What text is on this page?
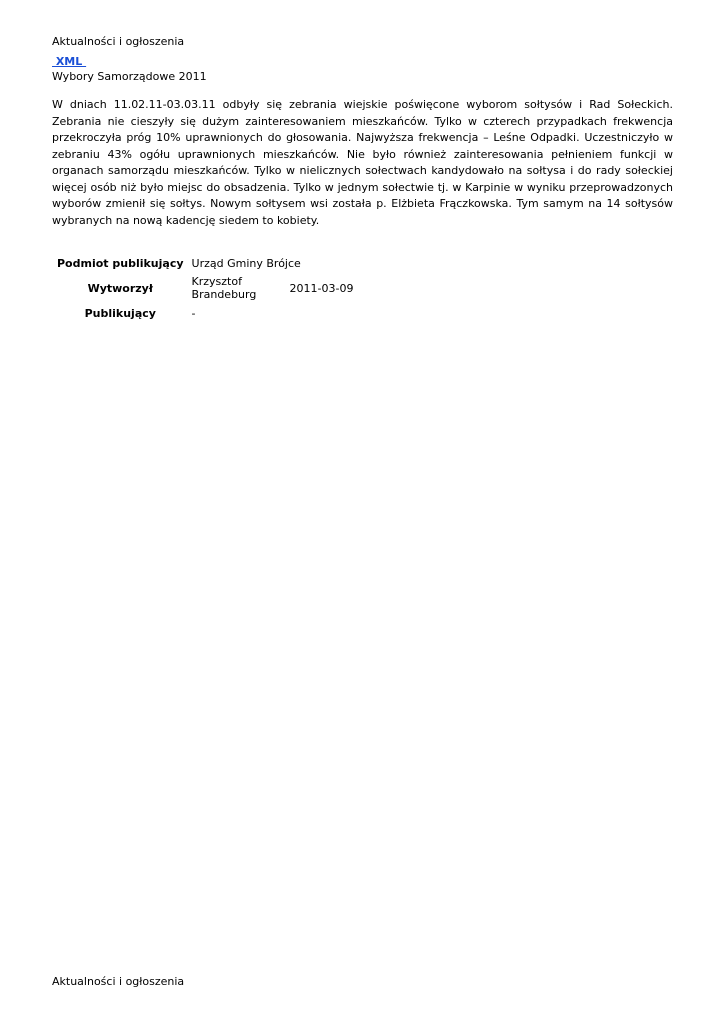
Aktualności i ogłoszenia
XML
Wybory Samorządowe 2011

W dniach 11.02.11-03.03.11 odbyły się zebrania wiejskie poświęcone wyborom sołtysów i Rad Sołeckich. Zebrania nie cieszyły się dużym zainteresowaniem mieszkańców. Tylko w czterech przypadkach frekwencja przekroczyła próg 10% uprawnionych do głosowania. Najwyższa frekwencja – Leśne Odpadki. Uczestniczyło w zebraniu 43% ogółu uprawnionych mieszkańców. Nie było również zainteresowania pełnieniem funkcji w organach samorządu mieszkańców. Tylko w nielicznych sołectwach kandydowało na sołtysa i do rady sołeckiej więcej osób niż było miejsc do obsadzenia. Tylko w jednym sołectwie tj. w Karpinie w wyniku przeprowadzonych wyborów zmienił się sołtys. Nowym sołtysem wsi została p. Elżbieta Frączkowska. Tym samym na 14 sołtysów wybranych na nową kadencję siedem to kobiety.

Podmiot publikujący	Urząd Gminy Brójce	
Wytworzył	Krzysztof Brandeburg	2011-03-09
Publikujący	-	
Aktualności i ogłoszenia
